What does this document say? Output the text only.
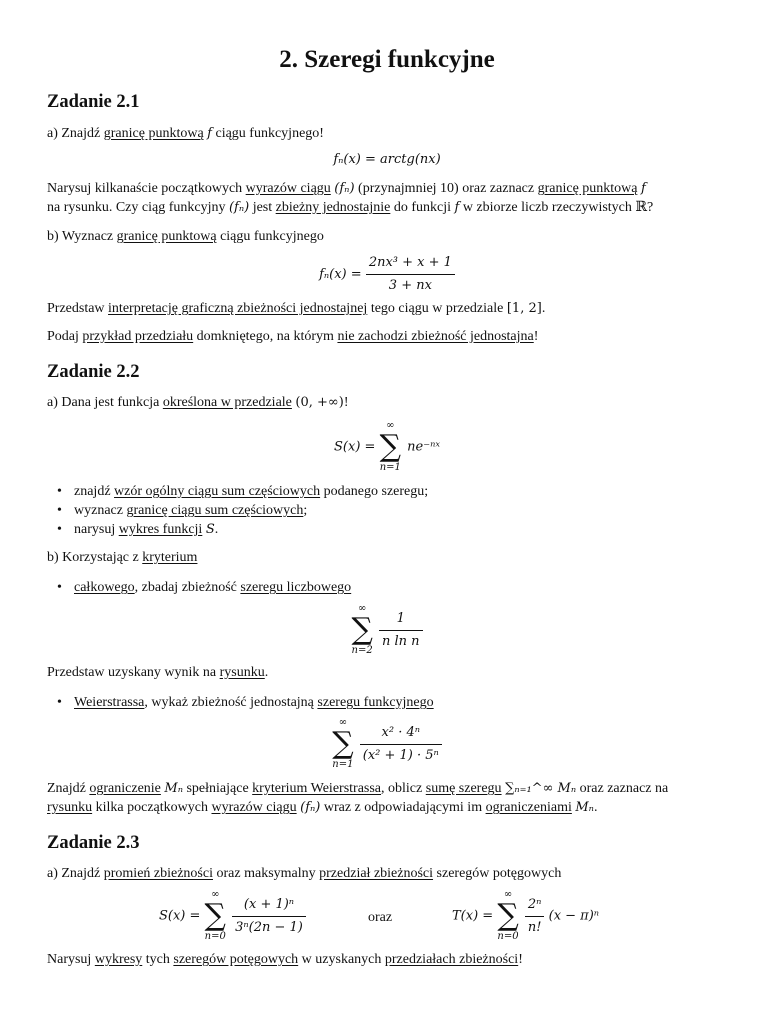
2. Szeregi funkcyjne
Zadanie 2.1
a) Znajdź granicę punktową f ciągu funkcyjnego!
fₙ(x) = arctg(nx)
Narysuj kilkanaście początkowych wyrazów ciągu (fₙ) (przynajmniej 10) oraz zaznacz granicę punktową f
na rysunku. Czy ciąg funkcyjny (fₙ) jest zbieżny jednostajnie do funkcji f w zbiorze liczb rzeczywistych ℝ?
b) Wyznacz granicę punktową ciągu funkcyjnego
$f_n(x) = \frac{\text{2nx³ + x + 1}}{3 + nx}$
Przedstaw interpretację graficzną zbieżności jednostajnej tego ciągu w przedziale [1, 2].
Podaj przykład przedziału domkniętego, na którym nie zachodzi zbieżność jednostajna!
Zadanie 2.2
a) Dana jest funkcja określona w przedziale (0, +∞)!
S(x) =
∞
∑
n=1
ne⁻ⁿˣ
• znajdź wzór ogólny ciągu sum częściowych podanego szeregu;
• wyznacz granicę ciągu sum częściowych;
• narysuj wykres funkcji S.
b) Korzystając z kryterium
• całkowego, zbadaj zbieżność szeregu liczbowego
∞
∑
n=2
$\frac{1}{\text{n ln n}}$
Przedstaw uzyskany wynik na rysunku.
• Weierstrassa, wykaż zbieżność jednostajną szeregu funkcyjnego
∞
∑
n=1
$\frac{\text{x² · 4ⁿ}}{\text{(x² + 1) · 5ⁿ}}$
Znajdź ograniczenie Mₙ spełniające kryterium Weierstrassa, oblicz sumę szeregu ∑ₙ₌₁^∞ Mₙ oraz zaznacz na
rysunku kilka początkowych wyrazów ciągu (fₙ) wraz z odpowiadającymi im ograniczeniami Mₙ.
Zadanie 2.3
a) Znajdź promień zbieżności oraz maksymalny przedział zbieżności szeregów potęgowych
S(x) =
∞
∑
n=0
$\frac{\text{(x + 1)ⁿ}}{\text{3ⁿ(2n − 1)}}$	oraz	T(x) =
∞
∑
n=0
$\frac{\text{2ⁿ}}{n!} (x - \pi)^n$
Narysuj wykresy tych szeregów potęgowych w uzyskanych przedziałach zbieżności!
